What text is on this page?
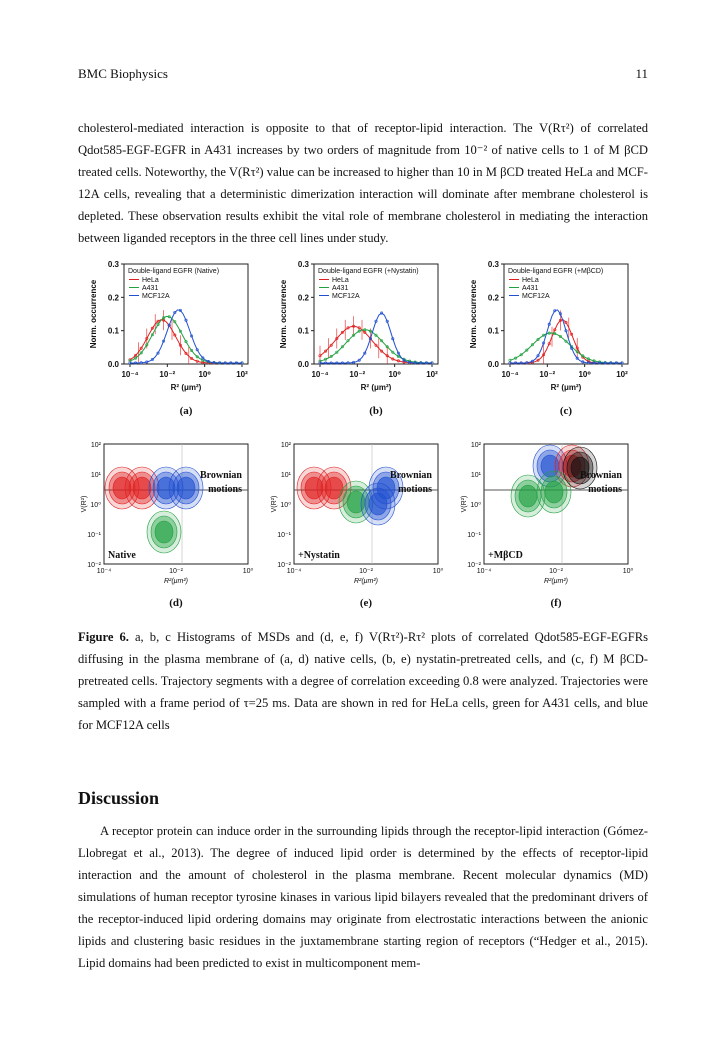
BMC Biophysics	11

cholesterol-mediated interaction is opposite to that of receptor-lipid interaction. The V(Rτ²) of correlated Qdot585-EGF-EGFR in A431 increases by two orders of magnitude from 10⁻² of native cells to 1 of M βCD treated cells. Noteworthy, the V(Rτ²) value can be increased to higher than 10 in M βCD treated HeLa and MCF-12A cells, revealing that a deterministic dimerization interaction will dominate after membrane cholesterol is depleted. These observation results exhibit the vital role of membrane cholesterol in mediating the interaction between liganded receptors in the three cell lines under study.

0.0
0.1
0.2
0.3
10⁻⁴	10⁻²	10⁰	10²
R² (μm²)
Norm. occurrence
Double-ligand EGFR (Native)
HeLa
A431
MCF12A
(a)
0.0
0.1
0.2
0.3
10⁻⁴	10⁻²	10⁰	10²
R² (μm²)
Norm. occurrence
Double-ligand EGFR (+Nystatin)
HeLa
A431
MCF12A
(b)
0.0
0.1
0.2
0.3
10⁻⁴	10⁻²	10⁰	10²
R² (μm²)
Norm. occurrence
Double-ligand EGFR (+MβCD)
HeLa
A431
MCF12A
(c)
10²
10¹
10⁰
10⁻¹
10⁻²
10⁻⁴	10⁻²	10⁰
R²(μm²)
V(R²)
Brownian
motions
Native
(d)
10²
10¹
10⁰
10⁻¹
10⁻²
10⁻⁴	10⁻²	10⁰
R²(μm²)
V(R²)
Brownian
motions
+Nystatin
(e)
10²
10¹
10⁰
10⁻¹
10⁻²
10⁻⁴	10⁻²	10⁰
R²(μm²)
V(R²)
Brownian
motions
+MβCD
(f)

Figure 6. a, b, c Histograms of MSDs and (d, e, f) V(Rτ²)-Rτ² plots of correlated Qdot585-EGF-EGFRs diffusing in the plasma membrane of (a, d) native cells, (b, e) nystatin-pretreated cells, and (c, f) M βCD-pretreated cells. Trajectory segments with a degree of correlation exceeding 0.8 were analyzed. Trajectories were sampled with a frame period of τ=25 ms. Data are shown in red for HeLa cells, green for A431 cells, and blue for MCF12A cells

Discussion

A receptor protein can induce order in the surrounding lipids through the receptor-lipid interaction (Gómez-Llobregat et al., 2013). The degree of induced lipid order is determined by the effects of receptor-lipid interaction and the amount of cholesterol in the plasma membrane. Recent molecular dynamics (MD) simulations of human receptor tyrosine kinases in various lipid bilayers revealed that the predominant drivers of the receptor-induced lipid ordering domains may originate from electrostatic interactions between the anionic lipids and clustering basic residues in the juxtamembrane starting region of receptors (“Hedger et al., 2015). Lipid domains had been predicted to exist in multicomponent mem-
